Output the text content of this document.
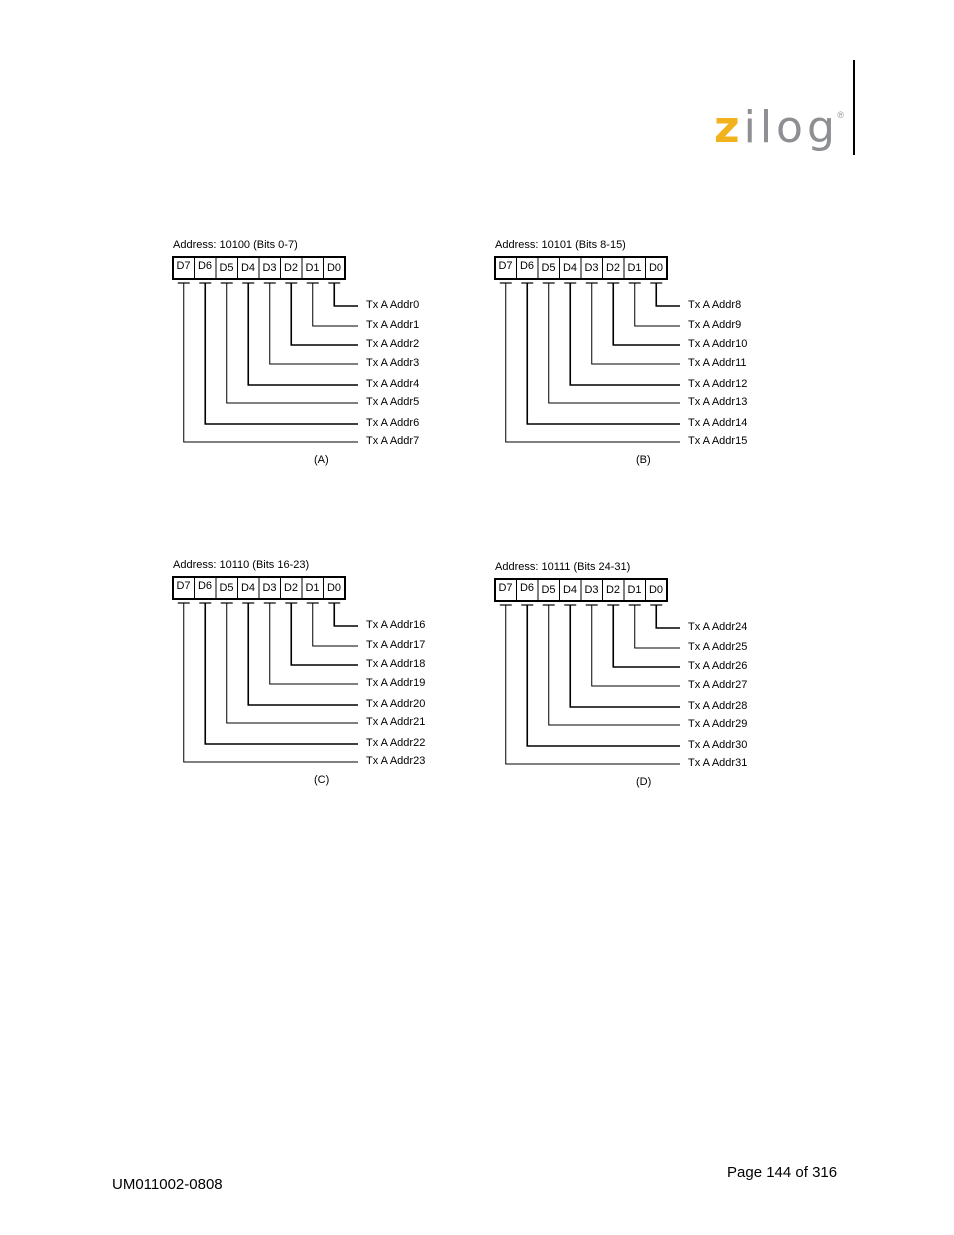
zilog
®
Address: 10100 (Bits 0-7)
D7 D6 D5 D4 D3 D2 D1 D0
Tx A Addr0
Tx A Addr1
Tx A Addr2
Tx A Addr3
Tx A Addr4
Tx A Addr5
Tx A Addr6
Tx A Addr7
(A)
Address: 10101 (Bits 8-15)
D7 D6 D5 D4 D3 D2 D1 D0
Tx A Addr8
Tx A Addr9
Tx A Addr10
Tx A Addr11
Tx A Addr12
Tx A Addr13
Tx A Addr14
Tx A Addr15
(B)
Address: 10110 (Bits 16-23)
D7 D6 D5 D4 D3 D2 D1 D0
Tx A Addr16
Tx A Addr17
Tx A Addr18
Tx A Addr19
Tx A Addr20
Tx A Addr21
Tx A Addr22
Tx A Addr23
(C)
Address: 10111 (Bits 24-31)
D7 D6 D5 D4 D3 D2 D1 D0
Tx A Addr24
Tx A Addr25
Tx A Addr26
Tx A Addr27
Tx A Addr28
Tx A Addr29
Tx A Addr30
Tx A Addr31
(D)
UM011002-0808
Page 144 of 316
